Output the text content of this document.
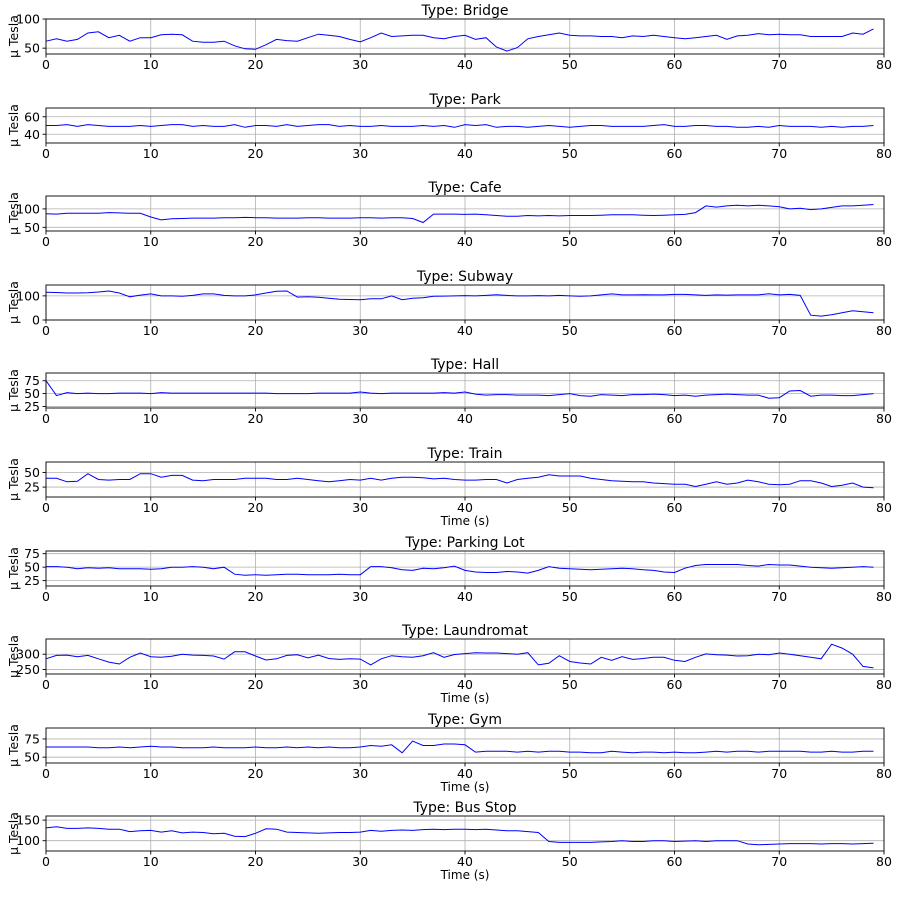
0	10	20	30	40	50	60	70	80
50
100	Type: Bridge
μ Tesla
0	10	20	30	40	50	60	70	80
40
60
Type: Park
μ Tesla
0	10	20	30	40	50	60	70	80
50
100
Type: Cafe
μ Tesla
0	10	20	30	40	50	60	70	80
0
100
Type: Subway
μ Tesla
0	10	20	30	40	50	60	70	80
25
50
75
Type: Hall
μ Tesla
0	10	20	30	40	50	60	70	80
25
50
Type: Train
μ Tesla
Time (s)
0	10	20	30	40	50	60	70	80
25
50
75
Type: Parking Lot
μ Tesla
0	10	20	30	40	50	60	70	80
250
300
Type: Laundromat
μ Tesla
Time (s)
0	10	20	30	40	50	60	70	80
50
75
Type: Gym
μ Tesla
Time (s)
0	10	20	30	40	50	60	70	80
100
150
Type: Bus Stop
μ Tesla
Time (s)
